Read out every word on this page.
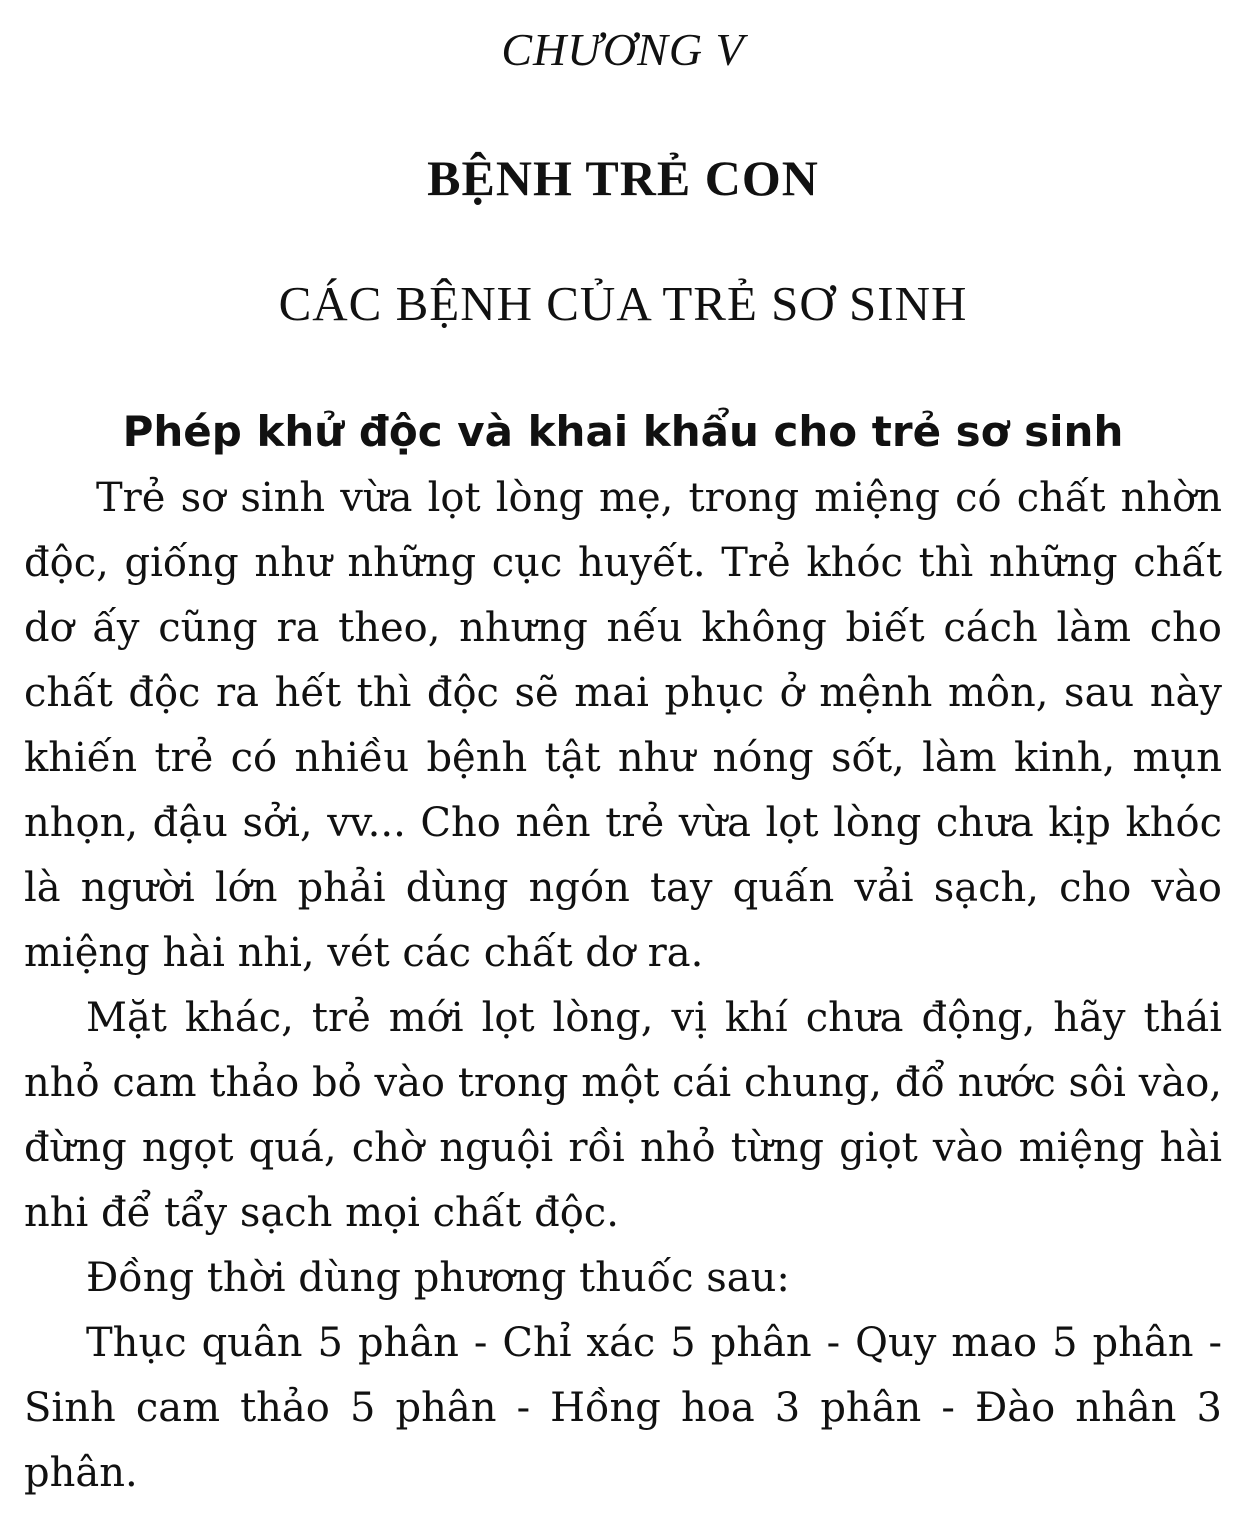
CHƯƠNG V
BỆNH TRẺ CON
CÁC BỆNH CỦA TRẺ SƠ SINH
Phép khử độc và khai khẩu cho trẻ sơ sinh

Trẻ sơ sinh vừa lọt lòng mẹ, trong miệng có chất nhờn độc, giống như những cục huyết. Trẻ khóc thì những chất dơ ấy cũng ra theo, nhưng nếu không biết cách làm cho chất độc ra hết thì độc sẽ mai phục ở mệnh môn, sau này khiến trẻ có nhiều bệnh tật như nóng sốt, làm kinh, mụn nhọn, đậu sởi, vv... Cho nên trẻ vừa lọt lòng chưa kịp khóc là người lớn phải dùng ngón tay quấn vải sạch, cho vào miệng hài nhi, vét các chất dơ ra.

Mặt khác, trẻ mới lọt lòng, vị khí chưa động, hãy thái nhỏ cam thảo bỏ vào trong một cái chung, đổ nước sôi vào, đừng ngọt quá, chờ nguội rồi nhỏ từng giọt vào miệng hài nhi để tẩy sạch mọi chất độc.

Đồng thời dùng phương thuốc sau:

Thục quân 5 phân - Chỉ xác 5 phân - Quy mao 5 phân - Sinh cam thảo 5 phân - Hồng hoa 3 phân - Đào nhân 3 phân.
